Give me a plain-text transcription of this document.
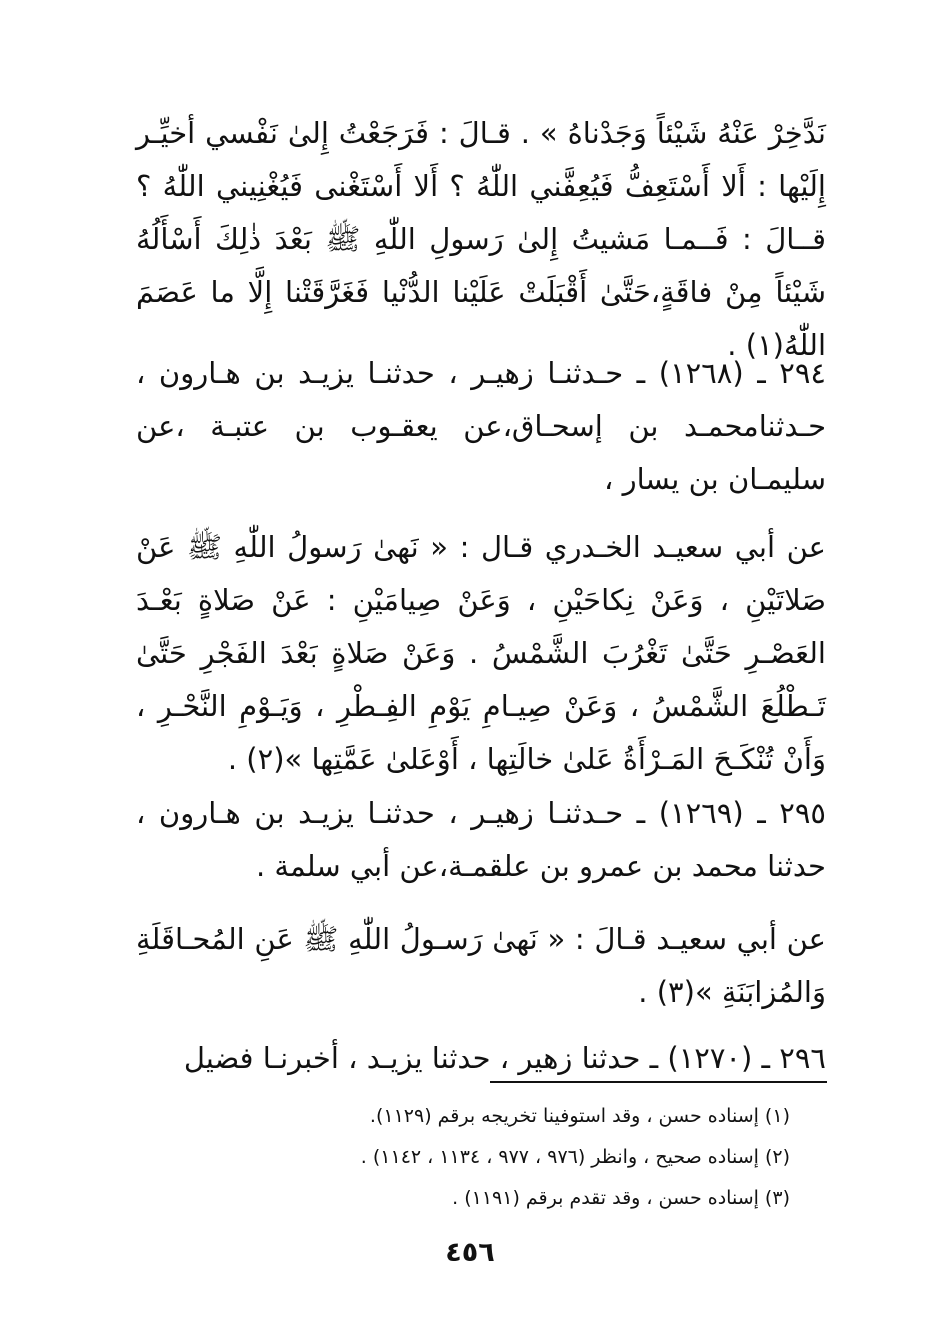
نَدَّخِرْ عَنْهُ شَيْئاً وَجَدْناهُ » . قـالَ : فَرَجَعْتُ إِلىٰ نَفْسي أخيِّـر إِلَيْها : أَلا أَسْتَعِفُّ فَيُعِفَّني اللّٰهُ ؟ أَلا أَسْتَغْنى فَيُغْنِيني اللّٰهُ ؟ قــالَ : فَــمـا مَشيتُ إِلىٰ رَسولِ اللّٰهِ ﷺ بَعْدَ ذٰلِكَ أَسْأَلُهُ شَيْئاً مِنْ فاقَةٍ،حَتَّىٰ أَقْبَلَتْ عَلَيْنا الدُّنْيا فَغَرَّقَتْنا إِلَّا ما عَصَمَ اللّٰهُ(١) .

٢٩٤ ـ (١٢٦٨) ـ حـدثنـا زهيـر ، حدثنـا يزيـد بن هـارون ، حـدثنامحمـد بن إسحـاق،عن يعقـوب بن عتبـة ،عن سليمـان بن يسار ،

عن أبي سعيـد الخـدري قـال : « نَهىٰ رَسولُ اللّٰهِ ﷺ عَنْ صَلاتَيْنِ ، وَعَنْ نِكاحَيْنِ ، وَعَنْ صِيامَيْنِ : عَنْ صَلاةٍ بَعْـدَ العَصْـرِ حَتَّىٰ تَغْرُبَ الشَّمْسُ . وَعَنْ صَلاةٍ بَعْدَ الفَجْرِ حَتَّىٰ تَـطْلُعَ الشَّمْسُ ، وَعَنْ صِيـامِ يَوْمِ الفِـطْرِ ، وَيَـوْمِ النَّحْـرِ ، وَأَنْ تُنْكَـحَ المَـرْأَةُ عَلىٰ خالَتِها ، أَوْعَلىٰ عَمَّتِها »(٢) .

٢٩٥ ـ (١٢٦٩) ـ حـدثنـا زهيـر ، حدثنـا يزيـد بن هـارون ، حدثنا محمد بن عمرو بن علقمـة،عن أبي سلمة .

عن أبي سعيـد قـالَ : « نَهىٰ رَسـولُ اللّٰهِ ﷺ عَنِ المُحـاقَلَةِ وَالمُزابَنَةِ »(٣) .

٢٩٦ ـ (١٢٧٠) ـ حدثنا زهير ، حدثنا يزيـد ، أخبرنـا فضيل

(١) إسناده حسن ، وقد استوفينا تخريجه برقم (١١٢٩).
(٢) إسناده صحيح ، وانظر (٩٧٦ ، ٩٧٧ ، ١١٣٤ ، ١١٤٢) .
(٣) إسناده حسن ، وقد تقدم برقم (١١٩١) .
٤٥٦
